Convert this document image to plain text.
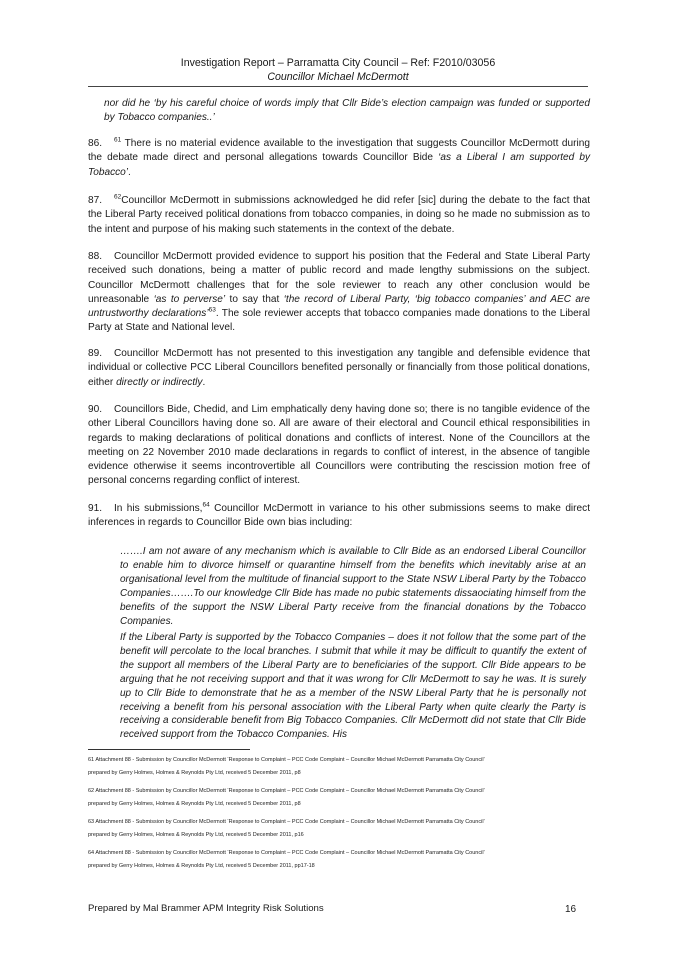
Investigation Report – Parramatta City Council – Ref: F2010/03056
Councillor Michael McDermott
nor did he ‘by his careful choice of words imply that Cllr Bide’s election campaign was funded or supported by Tobacco companies..’
86. $^{61}$ There is no material evidence available to the investigation that suggests Councillor McDermott during the debate made direct and personal allegations towards Councillor Bide ‘as a Liberal I am supported by Tobacco’.
87. $^{62}$Councillor McDermott in submissions acknowledged he did refer [sic] during the debate to the fact that the Liberal Party received political donations from tobacco companies, in doing so he made no submission as to the intent and purpose of his making such statements in the context of the debate.
88. Councillor McDermott provided evidence to support his position that the Federal and State Liberal Party received such donations, being a matter of public record and made lengthy submissions on the subject. Councillor McDermott challenges that for the sole reviewer to reach any other conclusion would be unreasonable ‘as to perverse’ to say that ‘the record of Liberal Party, ‘big tobacco companies’ and AEC are untrustworthy declarations’$^{63}$. The sole reviewer accepts that tobacco companies made donations to the Liberal Party at State and National level.
89. Councillor McDermott has not presented to this investigation any tangible and defensible evidence that individual or collective PCC Liberal Councillors benefited personally or financially from those political donations, either directly or indirectly.
90. Councillors Bide, Chedid, and Lim emphatically deny having done so; there is no tangible evidence of the other Liberal Councillors having done so. All are aware of their electoral and Council ethical responsibilities in regards to making declarations of political donations and conflicts of interest. None of the Councillors at the meeting on 22 November 2010 made declarations in regards to conflict of interest, in the absence of tangible evidence otherwise it seems incontrovertible all Councillors were contributing the rescission motion free of personal concerns regarding conflict of interest.
91. In his submissions,$^{64}$ Councillor McDermott in variance to his other submissions seems to make direct inferences in regards to Councillor Bide own bias including:
…….I am not aware of any mechanism which is available to Cllr Bide as an endorsed Liberal Councillor to enable him to divorce himself or quarantine himself from the benefits which inevitably arise at an organisational level from the multitude of financial support to the State NSW Liberal Party by the Tobacco Companies…….To our knowledge Cllr Bide has made no pubic statements dissaociating himself from the benefits of the support the NSW Liberal Party receive from the financial donations by the Tobacco Companies.
If the Liberal Party is supported by the Tobacco Companies – does it not follow that the some part of the benefit will percolate to the local branches. I submit that while it may be difficult to quantify the extent of the support all members of the Liberal Party are to beneficiaries of the support. Cllr Bide appears to be arguing that he not receiving support and that it was wrong for Cllr McDermott to say he was. It is surely up to Cllr Bide to demonstrate that he as a member of the NSW Liberal Party that he is personally not receiving a benefit from his personal association with the Liberal Party when quite clearly the Party is receiving a considerable benefit from Big Tobacco Companies. Cllr McDermott did not state that Cllr Bide received support from the Tobacco Companies. His
61 Attachment 88 - Submission by Councillor McDermott ‘Response to Complaint – PCC Code Complaint – Councillor Michael McDermott Parramatta City Council’
prepared by Gerry Holmes, Holmes & Reynolds Pty Ltd, received 5 December 2011, p8
62 Attachment 88 - Submission by Councillor McDermott ‘Response to Complaint – PCC Code Complaint – Councillor Michael McDermott Parramatta City Council’
prepared by Gerry Holmes, Holmes & Reynolds Pty Ltd, received 5 December 2011, p8
63 Attachment 88 - Submission by Councillor McDermott ‘Response to Complaint – PCC Code Complaint – Councillor Michael McDermott Parramatta City Council’
prepared by Gerry Holmes, Holmes & Reynolds Pty Ltd, received 5 December 2011, p16
64 Attachment 88 - Submission by Councillor McDermott ‘Response to Complaint – PCC Code Complaint – Councillor Michael McDermott Parramatta City Council’
prepared by Gerry Holmes, Holmes & Reynolds Pty Ltd, received 5 December 2011, pp17-18
Prepared by Mal Brammer APM Integrity Risk Solutions	16
